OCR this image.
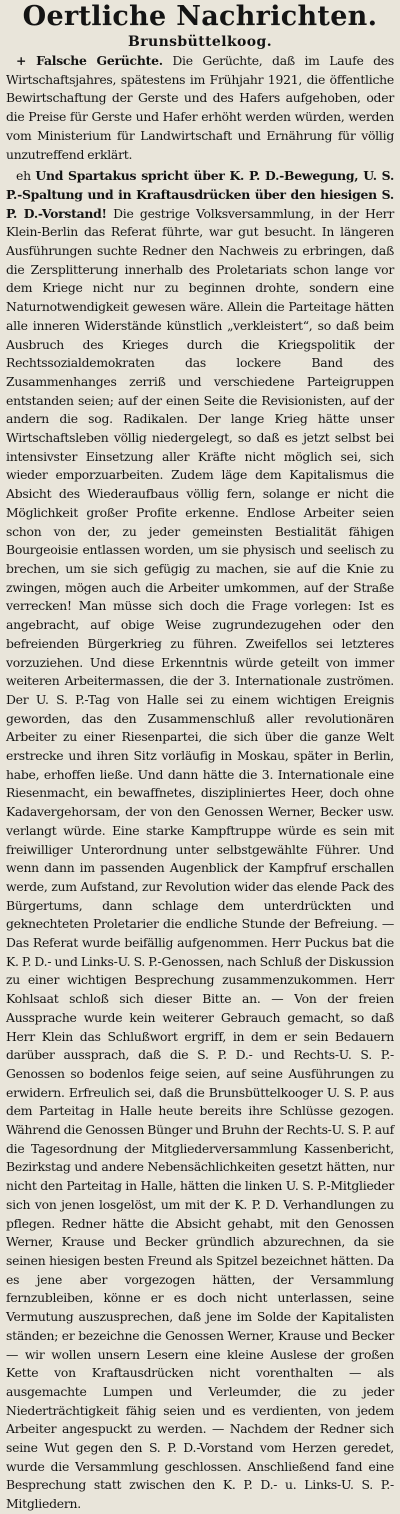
Oertliche Nachrichten.
Brunsbüttelkoog.

+ Falsche Gerüchte. Die Gerüchte, daß im Laufe des Wirtschaftsjahres, spätestens im Frühjahr 1921, die öffentliche Bewirtschaftung der Gerste und des Hafers aufgehoben, oder die Preise für Gerste und Hafer erhöht werden würden, werden vom Ministerium für Landwirtschaft und Ernährung für völlig unzutreffend erklärt.

eh Und Spartakus spricht über K. P. D.-Bewegung, U. S. P.-Spaltung und in Kraftausdrücken über den hiesigen S. P. D.-Vorstand! Die gestrige Volksversammlung, in der Herr Klein-Berlin das Referat führte, war gut besucht. In längeren Ausführungen suchte Redner den Nachweis zu erbringen, daß die Zersplitterung innerhalb des Proletariats schon lange vor dem Kriege nicht nur zu beginnen drohte, sondern eine Naturnotwendigkeit gewesen wäre. Allein die Parteitage hätten alle inneren Widerstände künstlich „verkleistert“, so daß beim Ausbruch des Krieges durch die Kriegspolitik der Rechtssozialdemokraten das lockere Band des Zusammenhanges zerriß und verschiedene Parteigruppen entstanden seien; auf der einen Seite die Revisionisten, auf der andern die sog. Radikalen. Der lange Krieg hätte unser Wirtschaftsleben völlig niedergelegt, so daß es jetzt selbst bei intensivster Einsetzung aller Kräfte nicht möglich sei, sich wieder emporzuarbeiten. Zudem läge dem Kapitalismus die Absicht des Wiederaufbaus völlig fern, solange er nicht die Möglichkeit großer Profite erkenne. Endlose Arbeiter seien schon von der, zu jeder gemeinsten Bestialität fähigen Bourgeoisie entlassen worden, um sie physisch und seelisch zu brechen, um sie sich gefügig zu machen, sie auf die Knie zu zwingen, mögen auch die Arbeiter umkommen, auf der Straße verrecken! Man müsse sich doch die Frage vorlegen: Ist es angebracht, auf obige Weise zugrundezugehen oder den befreienden Bürgerkrieg zu führen. Zweifellos sei letzteres vorzuziehen. Und diese Erkenntnis würde geteilt von immer weiteren Arbeitermassen, die der 3. Internationale zuströmen. Der U. S. P.-Tag von Halle sei zu einem wichtigen Ereignis geworden, das den Zusammenschluß aller revolutionären Arbeiter zu einer Riesenpartei, die sich über die ganze Welt erstrecke und ihren Sitz vorläufig in Moskau, später in Berlin, habe, erhoffen ließe. Und dann hätte die 3. Internationale eine Riesenmacht, ein bewaffnetes, diszipliniertes Heer, doch ohne Kadavergehorsam, der von den Genossen Werner, Becker usw. verlangt würde. Eine starke Kampftruppe würde es sein mit freiwilliger Unterordnung unter selbstgewählte Führer. Und wenn dann im passenden Augenblick der Kampfruf erschallen werde, zum Aufstand, zur Revolution wider das elende Pack des Bürgertums, dann schlage dem unterdrückten und geknechteten Proletarier die endliche Stunde der Befreiung. — Das Referat wurde beifällig aufgenommen. Herr Puckus bat die K. P. D.- und Links-U. S. P.-Genossen, nach Schluß der Diskussion zu einer wichtigen Besprechung zusammenzukommen. Herr Kohlsaat schloß sich dieser Bitte an. — Von der freien Aussprache wurde kein weiterer Gebrauch gemacht, so daß Herr Klein das Schlußwort ergriff, in dem er sein Bedauern darüber aussprach, daß die S. P. D.- und Rechts-U. S. P.-Genossen so bodenlos feige seien, auf seine Ausführungen zu erwidern. Erfreulich sei, daß die Brunsbüttelkooger U. S. P. aus dem Parteitag in Halle heute bereits ihre Schlüsse gezogen. Während die Genossen Bünger und Bruhn der Rechts-U. S. P. auf die Tagesordnung der Mitgliederversammlung Kassenbericht, Bezirkstag und andere Nebensächlichkeiten gesetzt hätten, nur nicht den Parteitag in Halle, hätten die linken U. S. P.-Mitglieder sich von jenen losgelöst, um mit der K. P. D. Verhandlungen zu pflegen. Redner hätte die Absicht gehabt, mit den Genossen Werner, Krause und Becker gründlich abzurechnen, da sie seinen hiesigen besten Freund als Spitzel bezeichnet hätten. Da es jene aber vorgezogen hätten, der Versammlung fernzubleiben, könne er es doch nicht unterlassen, seine Vermutung auszusprechen, daß jene im Solde der Kapitalisten ständen; er bezeichne die Genossen Werner, Krause und Becker — wir wollen unsern Lesern eine kleine Auslese der großen Kette von Kraftausdrücken nicht vorenthalten — als ausgemachte Lumpen und Verleumder, die zu jeder Niederträchtigkeit fähig seien und es verdienten, von jedem Arbeiter angespuckt zu werden. — Nachdem der Redner sich seine Wut gegen den S. P. D.-Vorstand vom Herzen geredet, wurde die Versammlung geschlossen. Anschließend fand eine Besprechung statt zwischen den K. P. D.- u. Links-U. S. P.-Mitgliedern.
